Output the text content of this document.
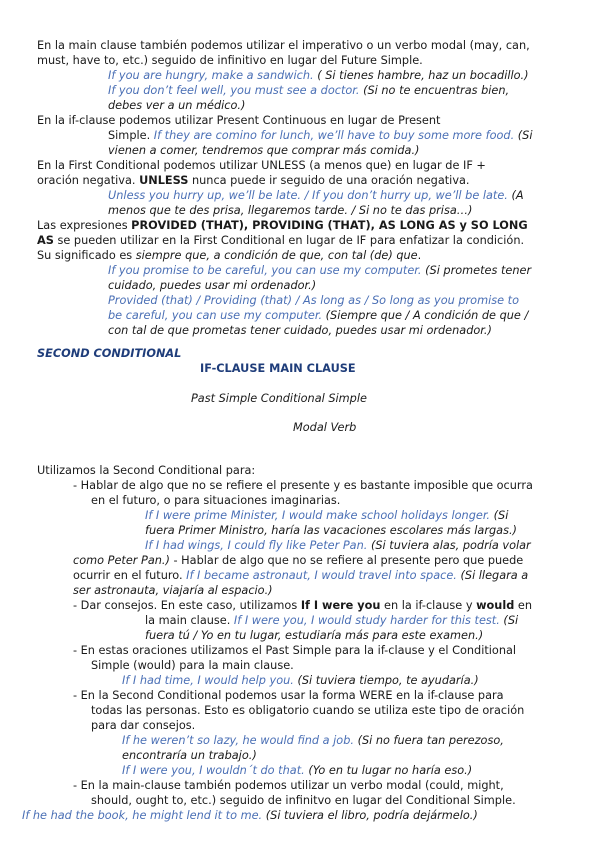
En la main clause también podemos utilizar el imperativo o un verbo modal (may, can,
must, have to, etc.) seguido de infinitivo en lugar del Future Simple.
If you are hungry, make a sandwich. ( Si tienes hambre, haz un bocadillo.)
If you don’t feel well, you must see a doctor. (Si no te encuentras bien,
debes ver a un médico.)
En la if-clause podemos utilizar Present Continuous en lugar de Present
Simple. If they are comino for lunch, we’ll have to buy some more food. (Si
vienen a comer, tendremos que comprar más comida.)
En la First Conditional podemos utilizar UNLESS (a menos que) en lugar de IF +
oración negativa. UNLESS nunca puede ir seguido de una oración negativa.
Unless you hurry up, we’ll be late. / If you don’t hurry up, we’ll be late. (A
menos que te des prisa, llegaremos tarde. / Si no te das prisa…)
Las expresiones PROVIDED (THAT), PROVIDING (THAT), AS LONG AS y SO LONG
AS se pueden utilizar en la First Conditional en lugar de IF para enfatizar la condición.
Su significado es siempre que, a condición de que, con tal (de) que.
If you promise to be careful, you can use my computer. (Si prometes tener
cuidado, puedes usar mi ordenador.)
Provided (that) / Providing (that) / As long as / So long as you promise to
be careful, you can use my computer. (Siempre que / A condición de que /
con tal de que prometas tener cuidado, puedes usar mi ordenador.)
SECOND CONDITIONAL
IF-CLAUSE MAIN CLAUSE
Past Simple Conditional Simple
Modal Verb
Utilizamos la Second Conditional para:
- Hablar de algo que no se refiere el presente y es bastante imposible que ocurra
en el futuro, o para situaciones imaginarias.
If I were prime Minister, I would make school holidays longer. (Si
fuera Primer Ministro, haría las vacaciones escolares más largas.)
If I had wings, I could fly like Peter Pan. (Si tuviera alas, podría volar
como Peter Pan.) - Hablar de algo que no se refiere al presente pero que puede
ocurrir en el futuro. If I became astronaut, I would travel into space. (Si llegara a
ser astronauta, viajaría al espacio.)
- Dar consejos. En este caso, utilizamos If I were you en la if-clause y would en
la main clause. If I were you, I would study harder for this test. (Si
fuera tú / Yo en tu lugar, estudiaría más para este examen.)
- En estas oraciones utilizamos el Past Simple para la if-clause y el Conditional
Simple (would) para la main clause.
If I had time, I would help you. (Si tuviera tiempo, te ayudaría.)
- En la Second Conditional podemos usar la forma WERE en la if-clause para
todas las personas. Esto es obligatorio cuando se utiliza este tipo de oración
para dar consejos.
If he weren’t so lazy, he would find a job. (Si no fuera tan perezoso,
encontraría un trabajo.)
If I were you, I wouldn´t do that. (Yo en tu lugar no haría eso.)
- En la main-clause también podemos utilizar un verbo modal (could, might,
should, ought to, etc.) seguido de infinitvo en lugar del Conditional Simple.
If he had the book, he might lend it to me. (Si tuviera el libro, podría dejármelo.)
